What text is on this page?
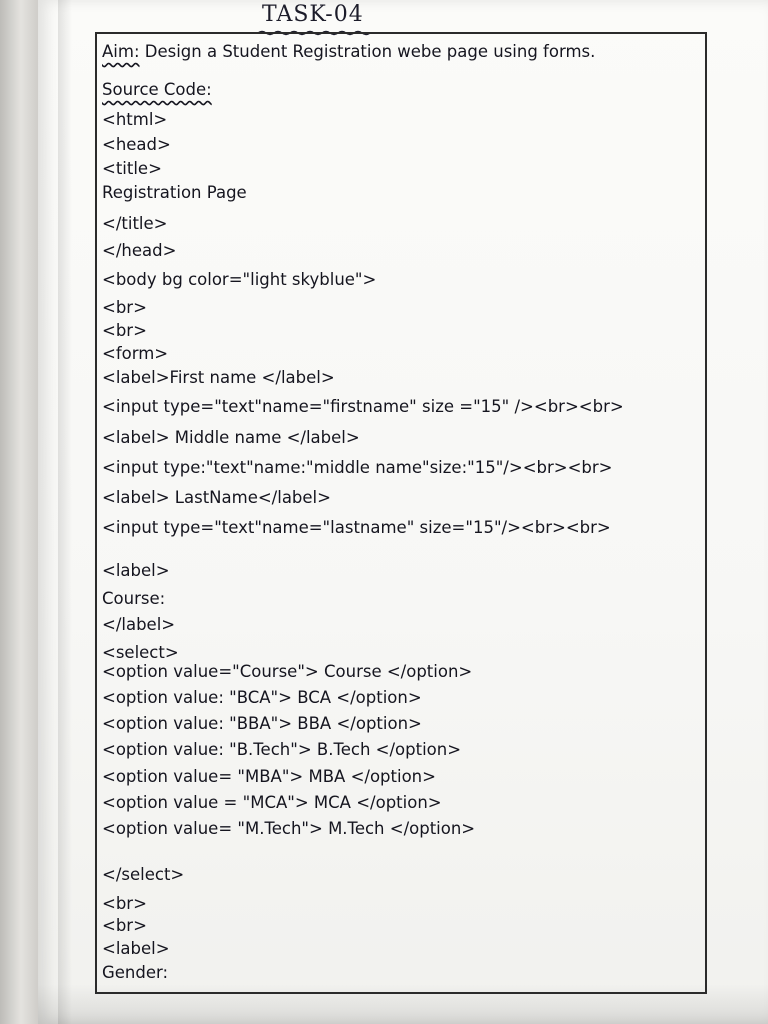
TASK-04
Aim: Design a Student Registration webe page using forms.
Source Code:
<html>
<head>
<title>
Registration Page
</title>
</head>
<body bg color="light skyblue">
<br>
<br>
<form>
<label>First name </label>
<input type="text"name="firstname" size ="15" /><br><br>
<label> Middle name </label>
<input type:"text"name:"middle name"size:"15"/><br><br>
<label> LastName</label>
<input type="text"name="lastname" size="15"/><br><br>
<label>
Course:
</label>
<select>
<option value="Course"> Course </option>
<option value: "BCA"> BCA </option>
<option value: "BBA"> BBA </option>
<option value: "B.Tech"> B.Tech </option>
<option value= "MBA"> MBA </option>
<option value = "MCA"> MCA </option>
<option value= "M.Tech"> M.Tech </option>
</select>
<br>
<br>
<label>
Gender:
